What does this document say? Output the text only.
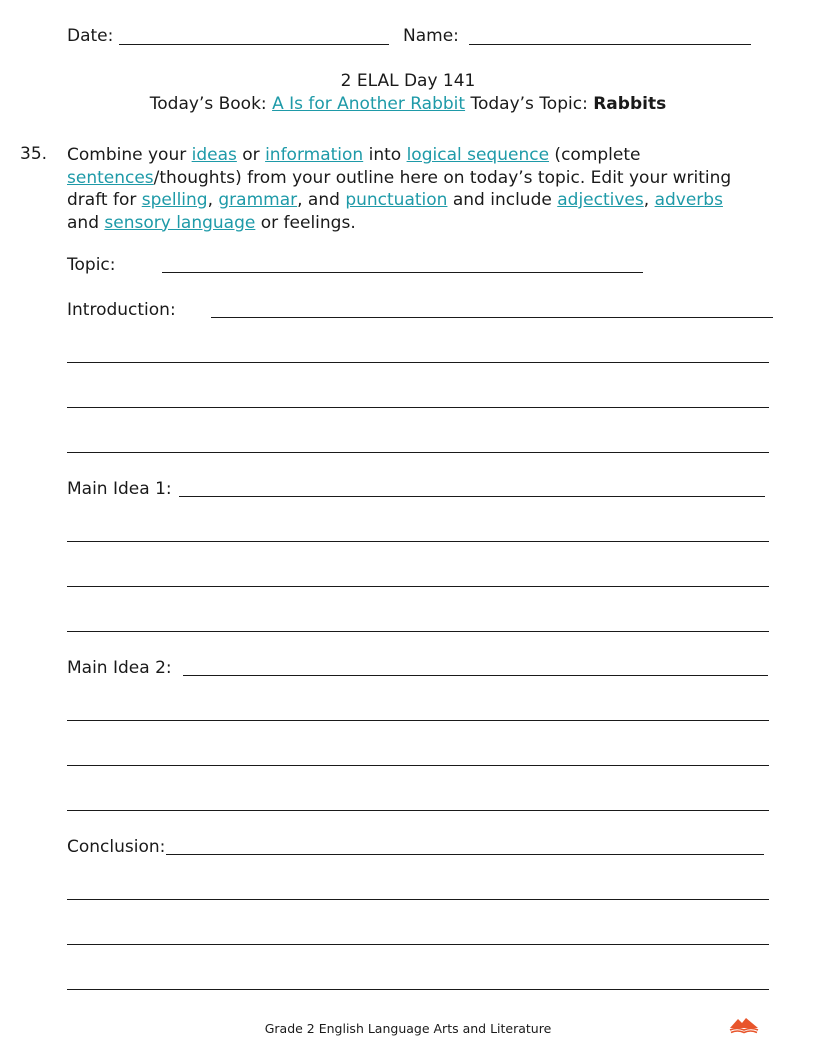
Date:	Name:
2 ELAL Day 141
Today’s Book: A Is for Another Rabbit Today’s Topic: Rabbits
35. Combine your ideas or information into logical sequence (complete sentences/thoughts) from your outline here on today’s topic. Edit your writing draft for spelling, grammar, and punctuation and include adjectives, adverbs and sensory language or feelings.
Topic:
Introduction:
Main Idea 1:
Main Idea 2:
Conclusion:
Grade 2 English Language Arts and Literature
